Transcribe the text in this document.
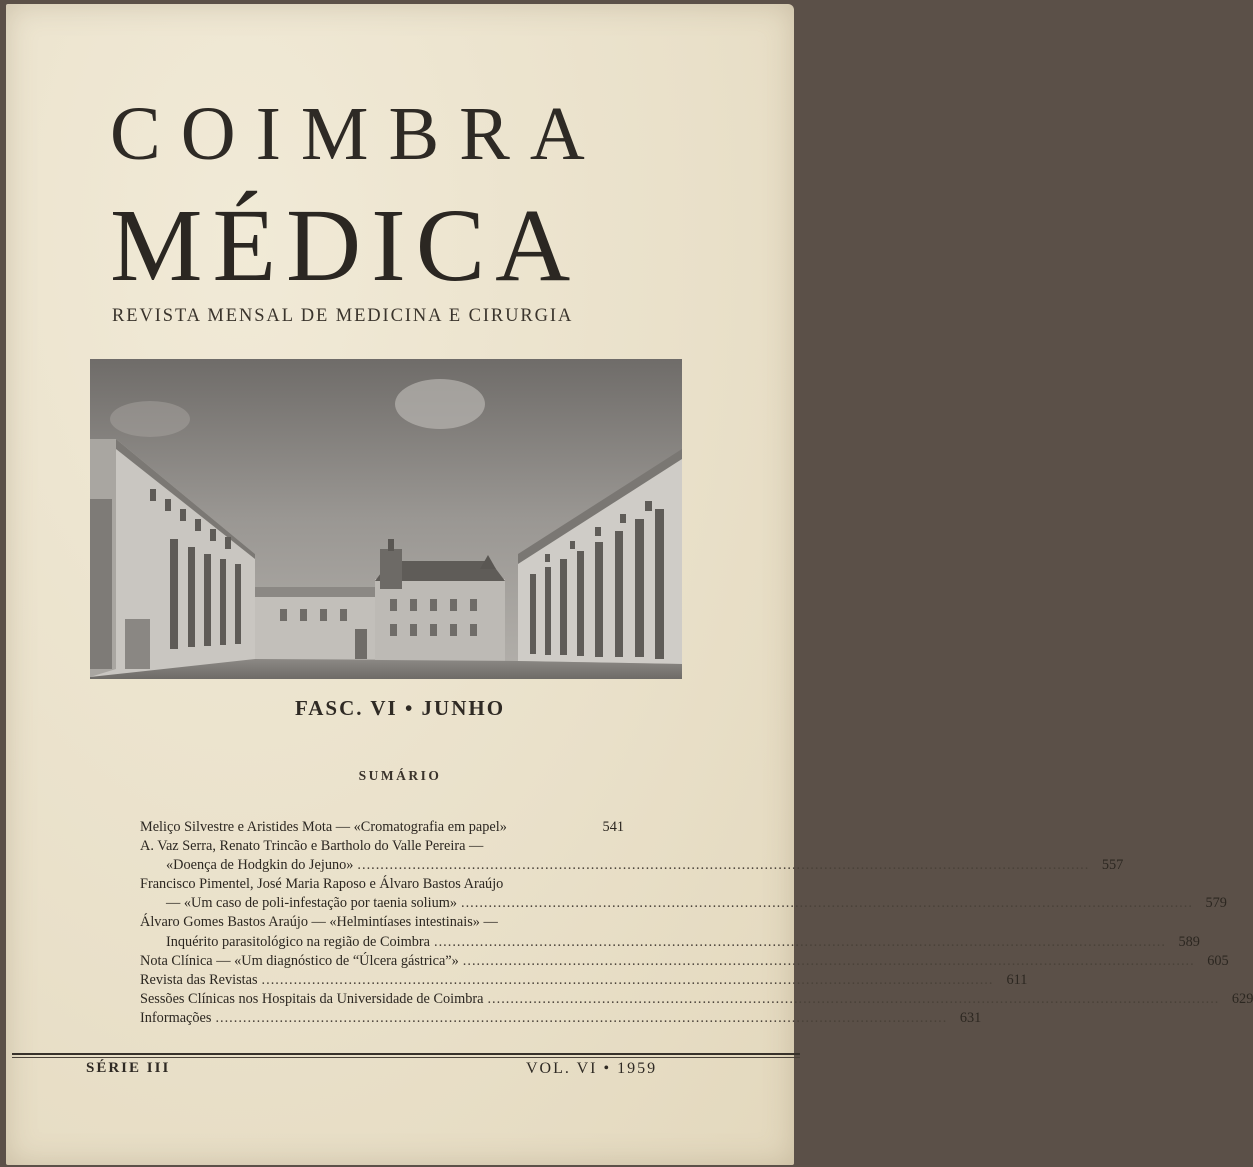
COIMBRA
MÉDICA
REVISTA MENSAL DE MEDICINA E CIRURGIA
FASC. VI • JUNHO
SUMÁRIO
Meliço Silvestre e Aristides Mota — «Cromatografia em papel»	541
A. Vaz Serra, Renato Trincão e Bartholo do Valle Pereira —
«Doença de Hodgkin do Jejuno» .....	557
Francisco Pimentel, José Maria Raposo e Álvaro Bastos Araújo
— «Um caso de poli-infestação por taenia solium» .....	579
Álvaro Gomes Bastos Araújo — «Helmintíases intestinais» —
Inquérito parasitológico na região de Coimbra .....	589
Nota Clínica — «Um diagnóstico de “Úlcera gástrica”» .....	605
Revista das Revistas .....	611
Sessões Clínicas nos Hospitais da Universidade de Coimbra .....	629
Informações .....	631
SÉRIE III	VOL. VI • 1959
